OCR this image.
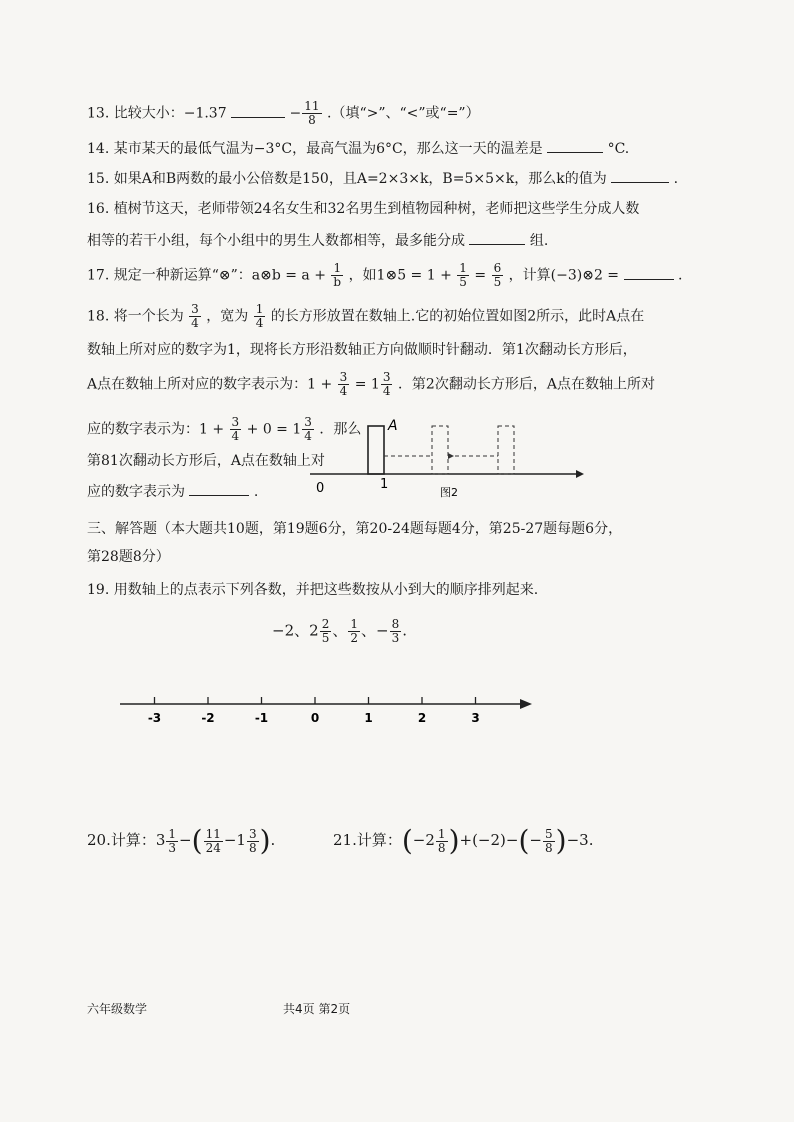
13. 比较大小：−1.37	− $\frac{11}{8}$ .（填“>”、“<”或“=”）
14. 某市某天的最低气温为−3°C，最高气温为6°C，那么这一天的温差是	°C.
15. 如果A和B两数的最小公倍数是150，且A=2×3×k，B=5×5×k，那么k的值为	.
16. 植树节这天，老师带领24名女生和32名男生到植物园种树，老师把这些学生分成人数
相等的若干小组，每个小组中的男生人数都相等，最多能分成	组.
17. 规定一种新运算“⊗”：a⊗b = $a + \frac{1}{b}$ ，如1⊗5 = $1 + \frac{1}{5} = \frac{6}{5}$ ，计算(−3)⊗2 =	.
18. 将一个长为 $\frac{3}{4}$ ，宽为 $\frac{1}{4}$ 的长方形放置在数轴上.它的初始位置如图2所示，此时A点在
数轴上所对应的数字为1，现将长方形沿数轴正方向做顺时针翻动．第1次翻动长方形后，
A点在数轴上所对应的数字表示为：$1 + \frac{3}{4} = 1 \frac{3}{4}$ ．第2次翻动长方形后，A点在数轴上所对
应的数字表示为：$1 + \frac{3}{4} + 0 = 1 \frac{3}{4}$ ．那么
第81次翻动长方形后，A点在数轴上对
应的数字表示为	.
A
0	1
图2
三、解答题（本大题共10题，第19题6分，第20-24题每题4分，第25-27题每题6分，
第28题8分）
19. 用数轴上的点表示下列各数，并把这些数按从小到大的顺序排列起来.
−2、$2 \frac{2}{5}$ 、 $\frac{1}{2}$ 、− $\frac{8}{3}$ .
-3	-2	-1	0	1	2	3
20.计算：$3 \frac{1}{3}$ −( $\frac{11}{24} -1 \frac{3}{8}$ ).	21.计算：$(-2 \frac{1}{8} )+(-2)-(- \frac{5}{8} )-3$.
六年级数学	共4页 第2页
